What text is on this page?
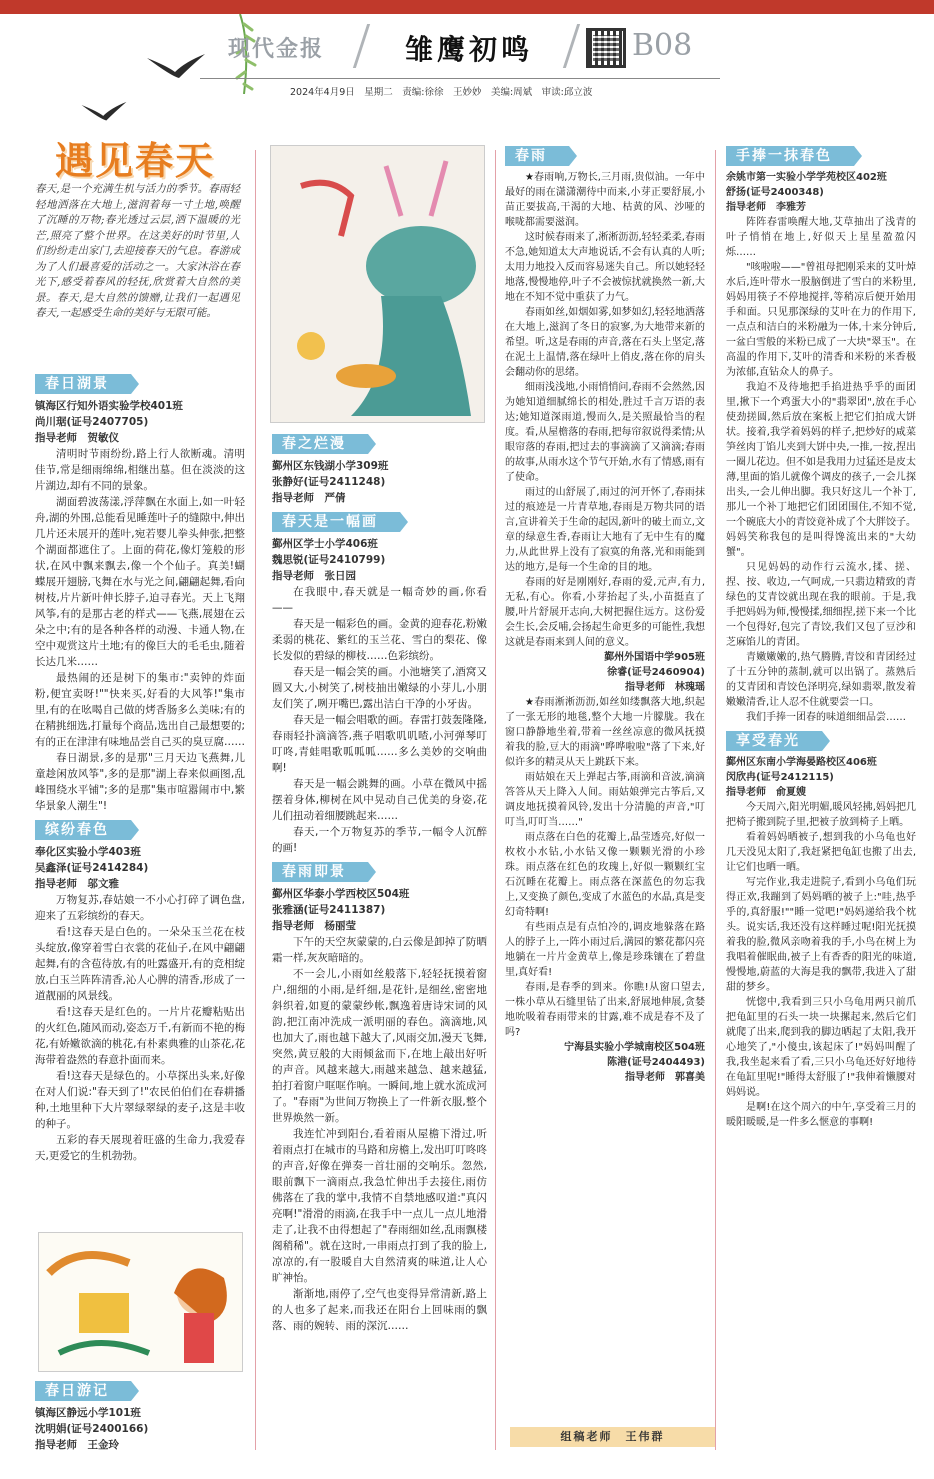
现代金报	雏鹰初鸣	B08
2024年4月9日　星期二　责编:徐徐　王妙妙　美编:周斌　审读:邱立波
遇见春天
春天,是一个充满生机与活力的季节。春雨轻轻地洒落在大地上,滋润着每一寸土地,唤醒了沉睡的万物;春光透过云层,洒下温暖的光芒,照亮了整个世界。在这美好的时节里,人们纷纷走出家门,去迎接春天的气息。春游成为了人们最喜爱的活动之一。大家沐浴在春光下,感受着春风的轻抚,欣赏着大自然的美景。春天,是大自然的馈赠,让我们一起遇见春天,一起感受生命的美好与无限可能。
春日湖景

镇海区行知外语实验学校401班

尚川琚(证号2407705)

指导老师　贺敏仪

清明时节雨纷纷,路上行人欲断魂。清明佳节,常是细雨绵绵,相继出墓。但在淡淡的这片湖边,却有不同的景象。

湖面碧波荡漾,浮萍飘在水面上,如一叶轻舟,湖的外围,总能看见睡莲叶子的缝隙中,伸出几片还未展开的莲叶,宛若婴儿拳头伸张,把整个湖面都遮住了。上面的荷花,像灯笼般的形状,在风中飘来飘去,像一个个仙子。真美!蝴蝶展开翅膀,飞舞在水与光之间,翩翩起舞,看向树枝,片片新叶伸长脖子,迫寻春光。天上飞翔风筝,有的是那古老的样式——飞燕,展翅在云朵之中;有的是各种各样的动漫、卡通人物,在空中观赏这片土地;有的像巨大的毛毛虫,随着长达几米……

最热闹的还是树下的集市:"卖钟的炸面粉,便宜卖呀!""快来买,好看的大风筝!"集市里,有的在吆喝自己做的烤香肠多么美味;有的在精挑细选,打量每个商品,选出自己最想要的;有的正在津津有味地品尝自己买的臭豆腐……

春日湖景,多的是那"三月天边飞燕舞,儿童趁闲放风筝",多的是那"湖上春来似画图,乱峰围绕水平铺";多的是那"集市喧嚣闹市中,繁华景象人潮生"!

缤纷春色

奉化区实验小学403班

吴鑫泽(证号2414284)

指导老师　邬文雅

万物复苏,春姑娘一不小心打碎了调色盘,迎来了五彩缤纷的春天。

看!这春天是白色的。一朵朵玉兰花在枝头绽放,像穿着雪白衣裳的花仙子,在风中翩翩起舞,有的含苞待放,有的吐露盛开,有的竞相绽放,白玉兰阵阵清香,沁人心脾的清香,形成了一道靓丽的风景线。

看!这春天是红色的。一片片花瓣粘贴出的火红色,随风而动,姿态万千,有新而不艳的梅花,有娇嫩欲滴的桃花,有朴素典雅的山茶花,花海带着盎然的春意扑面而来。

看!这春天是绿色的。小草探出头来,好像在对人们说:"春天到了!"农民伯伯们在春耕播种,土地里种下大片翠绿翠绿的麦子,这是丰收的种子。

五彩的春天展现着旺盛的生命力,我爱春天,更爱它的生机勃勃。

春日游记

镇海区静远小学101班

沈明娟(证号2400166)

指导老师　王金玲

春之烂漫

鄞州区东钱湖小学309班

张静好(证号2411248)

指导老师　严倩

春天是一幅画

鄞州区学士小学406班

魏思锐(证号2410799)

指导老师　张日园

在我眼中,春天就是一幅奇妙的画,你看——

春天是一幅彩色的画。金黄的迎春花,粉嫩柔弱的桃花、紫红的玉兰花、雪白的梨花、像长发似的碧绿的柳枝……色彩缤纷。

春天是一幅会笑的画。小池塘笑了,酒窝又圆又大,小树笑了,树枝抽出嫩绿的小芽儿,小朋友们笑了,咧开嘴巴,露出洁白干净的小牙齿。

春天是一幅会唱歌的画。春雷打鼓轰隆隆,春雨轻扑滴滴答,燕子唱歌叽叽喳,小河弹琴叮叮咚,青蛙唱歌呱呱呱……多么美妙的交响曲啊!

春天是一幅会跳舞的画。小草在微风中摇摆着身体,柳树在风中晃动自己优美的身姿,花儿们扭动着细腰跳起来……

春天,一个万物复苏的季节,一幅令人沉醉的画!

春雨即景

鄞州区华泰小学西校区504班

张雅涵(证号2411387)

指导老师　杨丽莹

下午的天空灰蒙蒙的,白云像是卸掉了防晒霜一样,灰灰暗暗的。

不一会儿,小雨如丝般落下,轻轻抚摸着窗户,细细的小雨,是纤细,是花针,是细丝,密密地斜织着,如夏的蒙蒙纱帐,飘逸着唐诗宋词的风韵,把江南冲洗成一派明丽的春色。滴滴地,风也加大了,雨也越下越大了,风雨交加,漫天飞舞,突然,黄豆般的大雨倾盆而下,在地上敲出好听的声音。风越来越大,雨越来越急、越来越猛,拍打着窗户哐哐作响。一瞬间,地上就水流成河了。"春雨"为世间万物换上了一件新衣服,整个世界焕然一新。

我连忙冲到阳台,看着雨从屋檐下滑过,听着雨点打在城市的马路和房檐上,发出叮叮咚咚的声音,好像在弹奏一首壮丽的交响乐。忽然,眼前飘下一滴雨点,我急忙伸出手去接住,雨仿佛落在了我的掌中,我情不自禁地感叹道:"真闪亮啊!"滑滑的雨滴,在我手中一点儿一点儿地滑走了,让我不由得想起了"春雨细如丝,乱雨飘楼阁稍稀"。就在这时,一串雨点打到了我的脸上,凉凉的,有一股暖自大自然清爽的味道,让人心旷神怡。

渐渐地,雨停了,空气也变得异常清新,路上的人也多了起来,而我还在阳台上回味雨的飘落、雨的婉转、雨的深沉……

春雨

★春雨响,万物长,三月雨,贵似油。一年中最好的雨在潇潇潮待中而来,小芽正要舒展,小苗正要拔高,干渴的大地、枯黄的风、沙哑的喉咙都需要滋润。

这时候春雨来了,淅淅沥沥,轻轻柔柔,春雨不急,她知道太大声地说话,不会有认真的人听;太用力地投入反而容易迷失自己。所以她轻轻地落,慢慢地停,叶子不会被惊扰就换然一新,大地在不知不觉中重获了力气。

春雨如丝,如烟如雾,如梦如幻,轻轻地洒落在大地上,滋润了冬日的寂寥,为大地带来新的希望。听,这是春雨的声音,落在石头上坚定,落在泥土上温情,落在绿叶上俏皮,落在你的肩头会翻动你的思绪。

细雨浅浅地,小雨悄悄问,春雨不会然然,因为她知道细腻绵长的相处,胜过千言万语的表达;她知道深雨道,慢而久,是关照最恰当的程度。看,从屋檐落的春雨,把每帘叙说得柔情;从眼帘落的春雨,把过去的事滴滴了又滴滴;春雨的故事,从雨水这个节气开始,水有了情感,雨有了使命。

雨过的山舒展了,雨过的河开怀了,春雨抹过的痕迹是一片青草地,春雨是万物共同的语言,宣讲着关于生命的起因,新叶的破土而立,文章的绿意生香,春雨让大地有了无中生有的魔力,从此世界上没有了寂寞的角落,光和雨能到达的地方,是每一个生命的目的地。

春雨的好是刚刚好,春雨的爱,元声,有力,无私,有心。你看,小芽抬起了头,小苗挺直了腰,叶片舒展开志向,大树把握住远方。这份爱会生长,会反哺,会扬起生命更多的可能性,我想这就是春雨来到人间的意义。

鄞州外国语中学905班

徐睿(证号2460904)

指导老师　林瑰瑶

★春雨淅淅沥沥,如丝如缕飘落大地,织起了一张无形的地毯,整个大地一片朦胧。我在窗口静静地坐着,带着一丝丝凉意的微风抚摸着我的脸,豆大的雨滴"哗哗啦啦"落了下来,好似许多的精灵从天上跳跃下来。

雨姑娘在天上弹起古筝,雨滴和音波,滴滴答答从天上降入人间。雨姑娘弹完古筝后,又调皮地抚摸着风铃,发出十分清脆的声音,"叮叮当,叮叮当……"

雨点落在白色的花瓣上,晶莹透亮,好似一枚枚小水钻,小水钻又像一颗颗光滑的小珍珠。雨点落在红色的玫瑰上,好似一颗颗红宝石沉睡在花瓣上。雨点落在深蓝色的勿忘我上,又变换了颜色,变成了水蓝色的水晶,真是变幻奇特啊!

有些雨点是有点怕冷的,调皮地躲落在路人的脖子上,一阵小雨过后,满园的繁花都闪亮地躺在一片片金黄草上,像是珍珠镶在了碧盘里,真好看!

春雨,是春季的到来。你瞧!从窗口望去,一株小草从石缝里钻了出来,舒展地伸展,贪婪地吮吸着春雨带来的甘露,难不成是春不及了吗?

宁海县实验小学城南校区504班

陈港(证号2404493)

指导老师　郭喜美

组稿老师　王伟群
手捧一抹春色

余姚市第一实验小学学苑校区402班

舒扬(证号2400348)

指导老师　李雅芳

阵阵春雷唤醒大地,艾草抽出了浅青的叶子悄悄在地上,好似天上星星盈盈闪烁……

"咳啦啦——"曾祖母把刚采来的艾叶焯水后,连叶带水一股脑倒进了雪白的米粉里,妈妈用筷子不停地搅拌,等稍凉后便开始用手和面。只见那深绿的艾叶在力的作用下,一点点和洁白的米粉融为一体,十来分钟后,一盆白雪般的米粉已成了一大块"翠玉"。在高温的作用下,艾叶的清香和米粉的米香极为浓郁,直钻众人的鼻子。

我迫不及待地把手掐进热乎乎的面团里,揪下一个鸡蛋大小的"翡翠团",放在手心使劲搓圆,然后放在案板上把它们拍成大饼状。接着,我学着妈妈的样子,把炒好的咸菜笋丝肉丁馅儿夹到大饼中央,一推,一按,捏出一圈儿花边。但不如是我用力过猛还是皮太薄,里面的馅儿就像个调皮的孩子,一会儿探出头,一会儿伸出脚。我只好这儿一个补丁,那儿一个补丁地把它们团团围住,不知不觉,一个碗底大小的青饺竟补成了个大胖饺子。妈妈笑称我包的是叫得馋流出来的"大幼蟹"。

只见妈妈的动作行云流水,揉、搓、捏、按、收边,一气呵成,一只翡边精致的青绿色的艾青饺就出现在我的眼前。于是,我手把妈妈为师,慢慢揉,细细捏,搓下来一个比一个包得好,包完了青饺,我们又包了豆沙和芝麻馅儿的青团。

青嫩嫩嫩的,热气腾腾,青饺和青团经过了十五分钟的蒸制,就可以出锅了。蒸熟后的艾青团和青饺色泽明亮,绿如翡翠,散发着嫩嫩清香,让人忍不住就要尝一口。

我们手捧一团春的味道细细品尝……

享受春光

鄞州区东南小学海晏路校区406班

闵欣冉(证号2412115)

指导老师　俞夏嫂

今天周六,阳光明媚,暖风轻拂,妈妈把几把椅子搬到院子里,把被子放到椅子上晒。

看着妈妈晒被子,想到我的小乌龟也好几天没见太阳了,我赶紧把龟缸也搬了出去,让它们也晒一晒。

写完作业,我走进院子,看到小乌龟们玩得正欢,我蹦到了妈妈晒的被子上:"哇,热乎乎的,真舒服!""睡一觉吧!"妈妈递给我个枕头。说实话,我还没有这样睡过呢!阳光抚摸着我的脸,微风亲吻着我的手,小鸟在树上为我唱着催眠曲,被子上有香香的阳光的味道,慢慢地,蔚蓝的大海是我的飘带,我进入了甜甜的梦乡。

恍惚中,我看到三只小乌龟用两只前爪把龟缸里的石头一块一块摞起来,然后它们就爬了出来,爬到我的脚边晒起了太阳,我开心地笑了,"小傻虫,该起床了!"妈妈叫醒了我,我坐起来看了看,三只小乌龟还好好地待在龟缸里呢!"睡得太舒服了!"我伸着懒腰对妈妈说。

是啊!在这个周六的中午,享受着三月的暖阳暖暖,是一件多么惬意的事啊!
